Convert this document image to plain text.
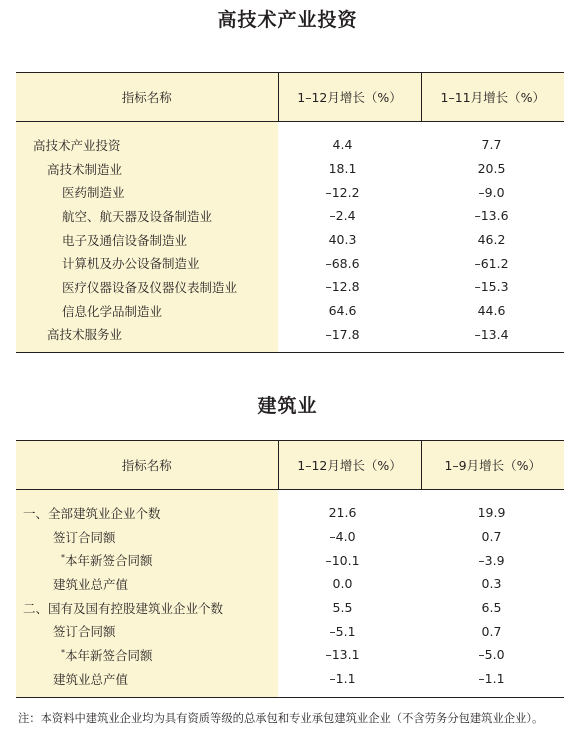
高技术产业投资
指标名称	1–12月增长（%）	1–11月增长（%）

高技术产业投资	4.4	7.7
高技术制造业	18.1	20.5
医药制造业	–12.2	–9.0
航空、航天器及设备制造业	–2.4	–13.6
电子及通信设备制造业	40.3	46.2
计算机及办公设备制造业	–68.6	–61.2
医疗仪器设备及仪器仪表制造业	–12.8	–15.3
信息化学品制造业	64.6	44.6
高技术服务业	–17.8	–13.4

建筑业
指标名称	1–12月增长（%）	1–9月增长（%）

一、全部建筑业企业个数	21.6	19.9
签订合同额	–4.0	0.7
*本年新签合同额	–10.1	–3.9
建筑业总产值	0.0	0.3
二、国有及国有控股建筑业企业个数	5.5	6.5
签订合同额	–5.1	0.7
*本年新签合同额	–13.1	–5.0
建筑业总产值	–1.1	–1.1

注：本资料中建筑业企业均为具有资质等级的总承包和专业承包建筑业企业（不含劳务分包建筑业企业）。
